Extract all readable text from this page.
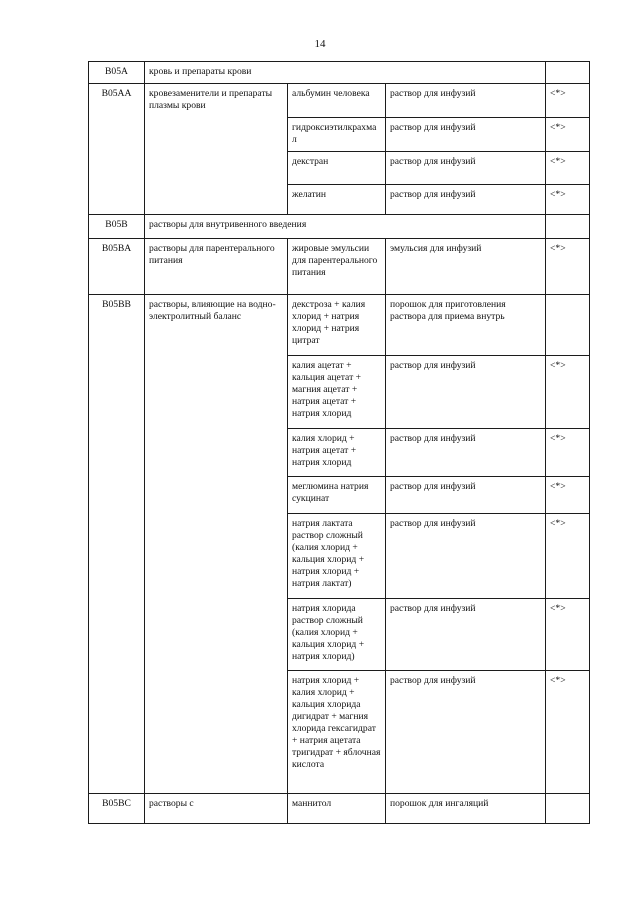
14
B05A	кровь и препараты крови			
B05AA	кровезаменители и препараты плазмы крови	альбумин человека	раствор для инфузий	<*>
		гидроксиэтилкрахмал	раствор для инфузий	<*>
		декстран	раствор для инфузий	<*>
		желатин	раствор для инфузий	<*>
B05B	растворы для внутривенного введения			
B05BA	растворы для парентерального питания	жировые эмульсии для парентерального питания	эмульсия для инфузий	<*>
B05BB	растворы, влияющие на водно-электролитный баланс	декстроза + калия хлорид + натрия хлорид + натрия цитрат	порошок для приготовления раствора для приема внутрь	
		калия ацетат + кальция ацетат + магния ацетат + натрия ацетат + натрия хлорид	раствор для инфузий	<*>
		калия хлорид + натрия ацетат + натрия хлорид	раствор для инфузий	<*>
		меглюмина натрия сукцинат	раствор для инфузий	<*>
		натрия лактата раствор сложный (калия хлорид + кальция хлорид + натрия хлорид + натрия лактат)	раствор для инфузий	<*>
		натрия хлорида раствор сложный (калия хлорид + кальция хлорид + натрия хлорид)	раствор для инфузий	<*>
		натрия хлорид + калия хлорид + кальция хлорида дигидрат + магния хлорида гексагидрат + натрия ацетата тригидрат + яблочная кислота	раствор для инфузий	<*>
B05BC	растворы с	маннитол	порошок для ингаляций	
